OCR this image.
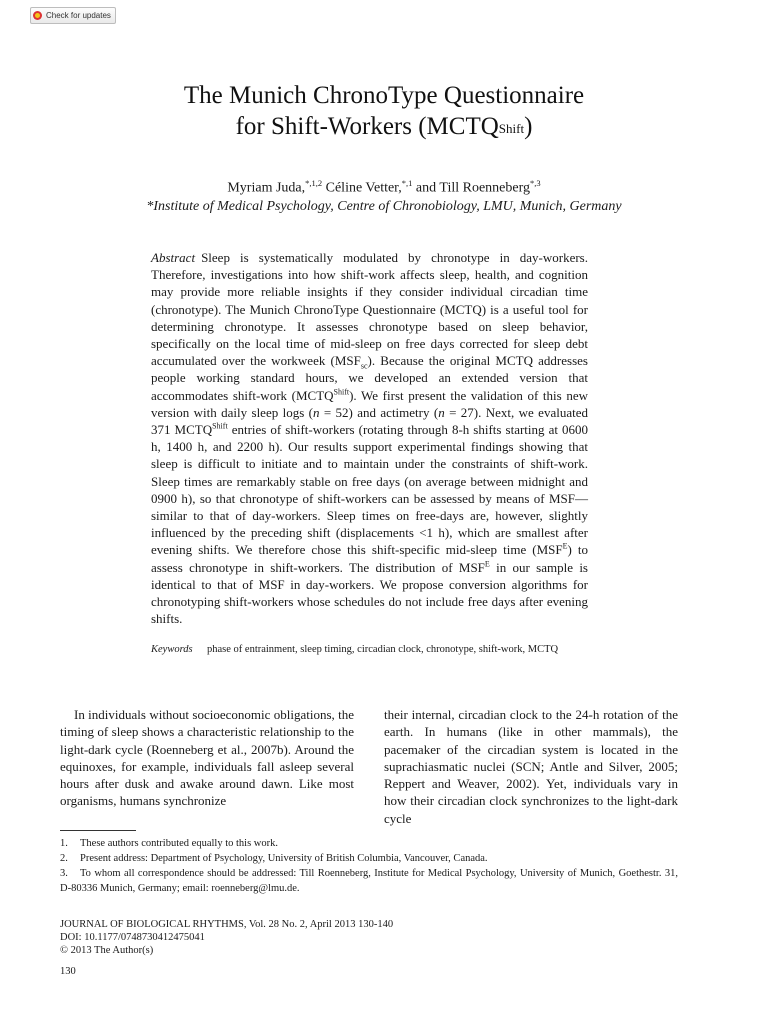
Check for updates
The Munich ChronoType Questionnaire
for Shift-Workers $(MCTQ^{Shift})$
Myriam Juda,$^{*,1,2}$ Céline Vetter,$^{*,1}$ and Till Roenneberg$^{*,3}$
*Institute of Medical Psychology, Centre of Chronobiology, LMU, Munich, Germany
Abstract Sleep is systematically modulated by chronotype in day-workers. Therefore, investigations into how shift-work affects sleep, health, and cognition may provide more reliable insights if they consider individual circadian time (chronotype). The Munich ChronoType Questionnaire (MCTQ) is a useful tool for determining chronotype. It assesses chronotype based on sleep behavior, specifically on the local time of mid-sleep on free days corrected for sleep debt accumulated over the workweek $(MSF_{sc})$. Because the original MCTQ addresses people working standard hours, we developed an extended version that accommodates shift-work $(MCTQ^{Shift})$. We first present the validation of this new version with daily sleep logs (n = 52) and actimetry (n = 27). Next, we evaluated 371 $MCTQ^{Shift}$ entries of shift-workers (rotating through 8-h shifts starting at 0600 h, 1400 h, and 2200 h). Our results support experimental findings showing that sleep is difficult to initiate and to maintain under the constraints of shift-work. Sleep times are remarkably stable on free days (on average between midnight and 0900 h), so that chronotype of shift-workers can be assessed by means of MSF—similar to that of day-workers. Sleep times on free-days are, however, slightly influenced by the preceding shift (displacements <1 h), which are smallest after evening shifts. We therefore chose this shift-specific mid-sleep time $(MSF^E)$ to assess chronotype in shift-workers. The distribution of $MSF^E$ in our sample is identical to that of MSF in day-workers. We propose conversion algorithms for chronotyping shift-workers whose schedules do not include free days after evening shifts.
Keywords	phase of entrainment, sleep timing, circadian clock, chronotype, shift-work, MCTQ
In individuals without socioeconomic obligations, the timing of sleep shows a characteristic relationship to the light-dark cycle (Roenneberg et al., 2007b). Around the equinoxes, for example, individuals fall asleep several hours after dusk and awake around dawn. Like most organisms, humans synchronize
their internal, circadian clock to the 24-h rotation of the earth. In humans (like in other mammals), the pacemaker of the circadian system is located in the suprachiasmatic nuclei (SCN; Antle and Silver, 2005; Reppert and Weaver, 2002). Yet, individuals vary in how their circadian clock synchronizes to the light-dark cycle

1. These authors contributed equally to this work.

2. Present address: Department of Psychology, University of British Columbia, Vancouver, Canada.

3. To whom all correspondence should be addressed: Till Roenneberg, Institute for Medical Psychology, University of Munich, Goethestr. 31, D-80336 Munich, Germany; email: roenneberg@lmu.de.

JOURNAL OF BIOLOGICAL RHYTHMS, Vol. 28 No. 2, April 2013 130-140

DOI: 10.1177/0748730412475041

© 2013 The Author(s)

130
